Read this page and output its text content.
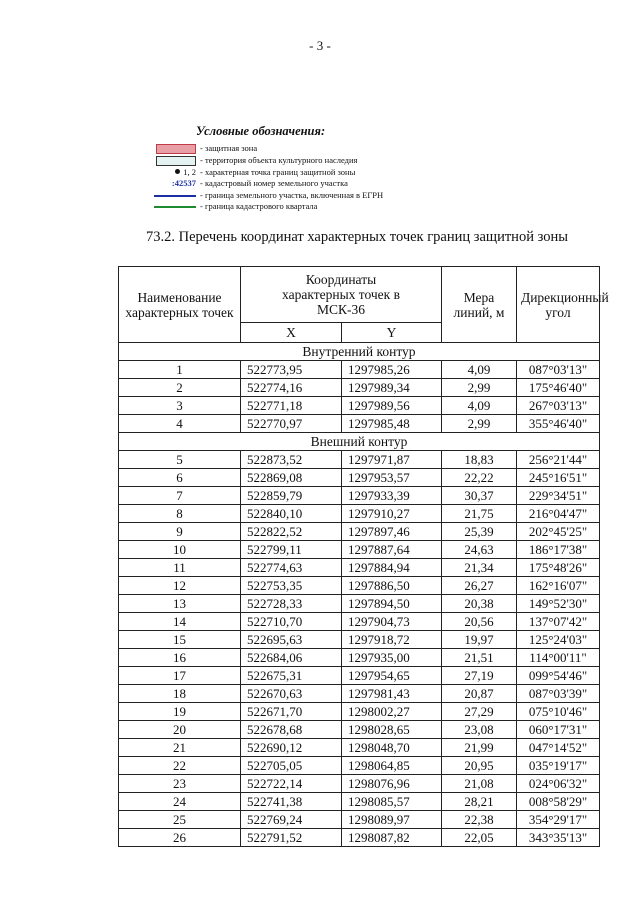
- 3 -
Условные обозначения:
- защитная зона
- территория объекта культурного наследия
1, 2 - характерная точка границ защитной зоны
:42537 - кадастровый номер земельного участка
- граница земельного участка, включенная в ЕГРН
- граница кадастрового квартала
73.2. Перечень координат характерных точек границ защитной зоны
Наименование характерных точек	Координаты характерных точек в МСК-36		Мера линий, м	Дирекционный угол
	X	Y		
Внутренний контур				
1	522773,95	1297985,26	4,09	087°03'13"
2	522774,16	1297989,34	2,99	175°46'40"
3	522771,18	1297989,56	4,09	267°03'13"
4	522770,97	1297985,48	2,99	355°46'40"
Внешний контур				
5	522873,52	1297971,87	18,83	256°21'44"
6	522869,08	1297953,57	22,22	245°16'51"
7	522859,79	1297933,39	30,37	229°34'51"
8	522840,10	1297910,27	21,75	216°04'47"
9	522822,52	1297897,46	25,39	202°45'25"
10	522799,11	1297887,64	24,63	186°17'38"
11	522774,63	1297884,94	21,34	175°48'26"
12	522753,35	1297886,50	26,27	162°16'07"
13	522728,33	1297894,50	20,38	149°52'30"
14	522710,70	1297904,73	20,56	137°07'42"
15	522695,63	1297918,72	19,97	125°24'03"
16	522684,06	1297935,00	21,51	114°00'11"
17	522675,31	1297954,65	27,19	099°54'46"
18	522670,63	1297981,43	20,87	087°03'39"
19	522671,70	1298002,27	27,29	075°10'46"
20	522678,68	1298028,65	23,08	060°17'31"
21	522690,12	1298048,70	21,99	047°14'52"
22	522705,05	1298064,85	20,95	035°19'17"
23	522722,14	1298076,96	21,08	024°06'32"
24	522741,38	1298085,57	28,21	008°58'29"
25	522769,24	1298089,97	22,38	354°29'17"
26	522791,52	1298087,82	22,05	343°35'13"
